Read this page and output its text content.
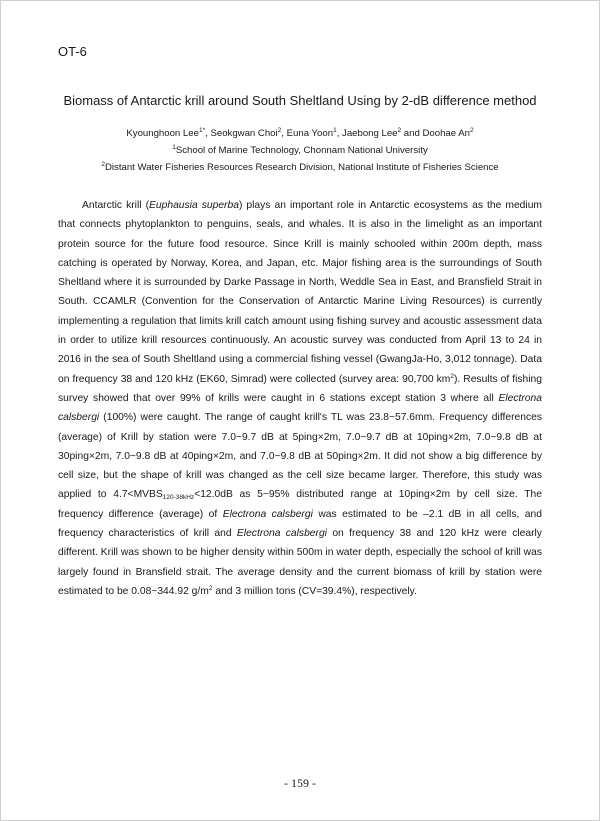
OT-6
Biomass of Antarctic krill around South Sheltland Using by 2-dB difference method
Kyounghoon Lee$^{1*}$, Seokgwan Choi$^2$, Euna Yoon$^1$, Jaebong Lee$^2$ and Doohae An$^2$
$^1$School of Marine Technology, Chonnam National University
$^2$Distant Water Fisheries Resources Research Division, National Institute of Fisheries Science
Antarctic krill (Euphausia superba) plays an important role in Antarctic ecosystems as the medium that connects phytoplankton to penguins, seals, and whales. It is also in the limelight as an important protein source for the future food resource. Since Krill is mainly schooled within 200m depth, mass catching is operated by Norway, Korea, and Japan, etc. Major fishing area is the surroundings of South Sheltland where it is surrounded by Darke Passage in North, Weddle Sea in East, and Bransfield Strait in South. CCAMLR (Convention for the Conservation of Antarctic Marine Living Resources) is currently implementing a regulation that limits krill catch amount using fishing survey and acoustic assessment data in order to utilize krill resources continuously. An acoustic survey was conducted from April 13 to 24 in 2016 in the sea of South Sheltland using a commercial fishing vessel (GwangJa-Ho, 3,012 tonnage). Data on frequency 38 and 120 kHz (EK60, Simrad) were collected (survey area: 90,700 $km^2$). Results of fishing survey showed that over 99% of krills were caught in 6 stations except station 3 where all Electrona calsbergi (100%) were caught. The range of caught krill's TL was 23.8~57.6mm. Frequency differences (average) of Krill by station were 7.0~9.7 dB at 5ping×2m, 7.0~9.7 dB at 10ping×2m, 7.0~9.8 dB at 30ping×2m, 7.0~9.8 dB at 40ping×2m, and 7.0~9.8 dB at 50ping×2m. It did not show a big difference by cell size, but the shape of krill was changed as the cell size became larger. Therefore, this study was applied to $4.7<MVBS_{120-38kHz}<12.0dB$ as 5~95% distributed range at 10ping×2m by cell size. The frequency difference (average) of Electrona calsbergi was estimated to be –2.1 dB in all cells, and frequency characteristics of krill and Electrona calsbergi on frequency 38 and 120 kHz were clearly different. Krill was shown to be higher density within 500m in water depth, especially the school of krill was largely found in Bransfield strait. The average density and the current biomass of krill by station were estimated to be 0.08~344.92 $g/m^2$ and 3 million tons (CV=39.4%), respectively.
- 159 -
